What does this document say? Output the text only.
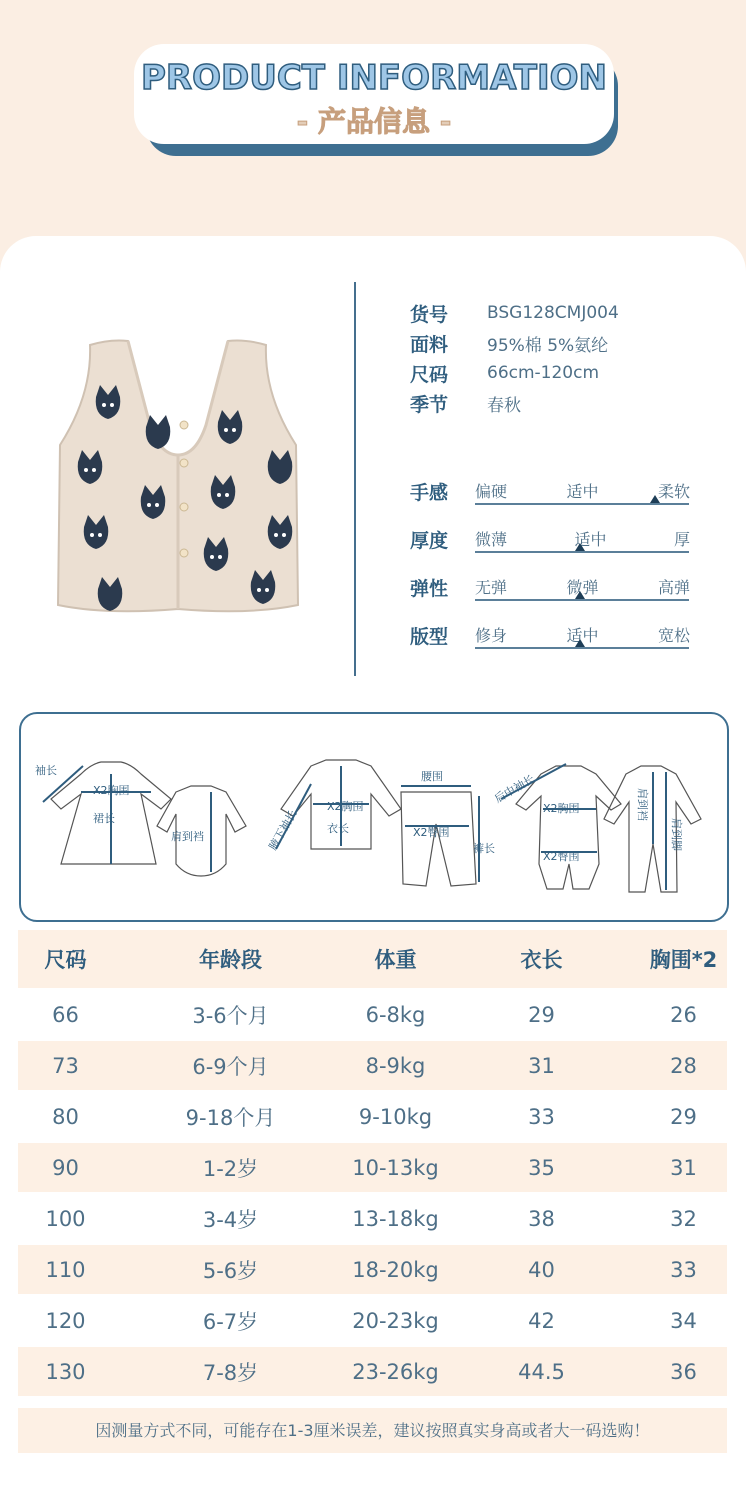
PRODUCT INFORMATION
- 产品信息 -
货号	BSG128CMJ004
面料	95%棉 5%氨纶
尺码	66cm-120cm
季节	春秋
手感 偏硬	适中	柔软
厚度 微薄	适中	厚
弹性 无弹	微弹	高弹
版型 修身	适中	宽松
袖长
X2胸围
裙长
肩到裆	腋下袖长
X2胸围
衣长
腰围
X2臀围
裤长
后中袖长
X2胸围
X2臀围
肩到裆
肩到脚
尺码	年龄段	体重	衣长	胸围*2
66	3-6个月	6-8kg	29	26
73	6-9个月	8-9kg	31	28
80	9-18个月	9-10kg	33	29
90	1-2岁	10-13kg	35	31
100	3-4岁	13-18kg	38	32
110	5-6岁	18-20kg	40	33
120	6-7岁	20-23kg	42	34
130	7-8岁	23-26kg	44.5	36
因测量方式不同，可能存在1-3厘米误差，建议按照真实身高或者大一码选购！
